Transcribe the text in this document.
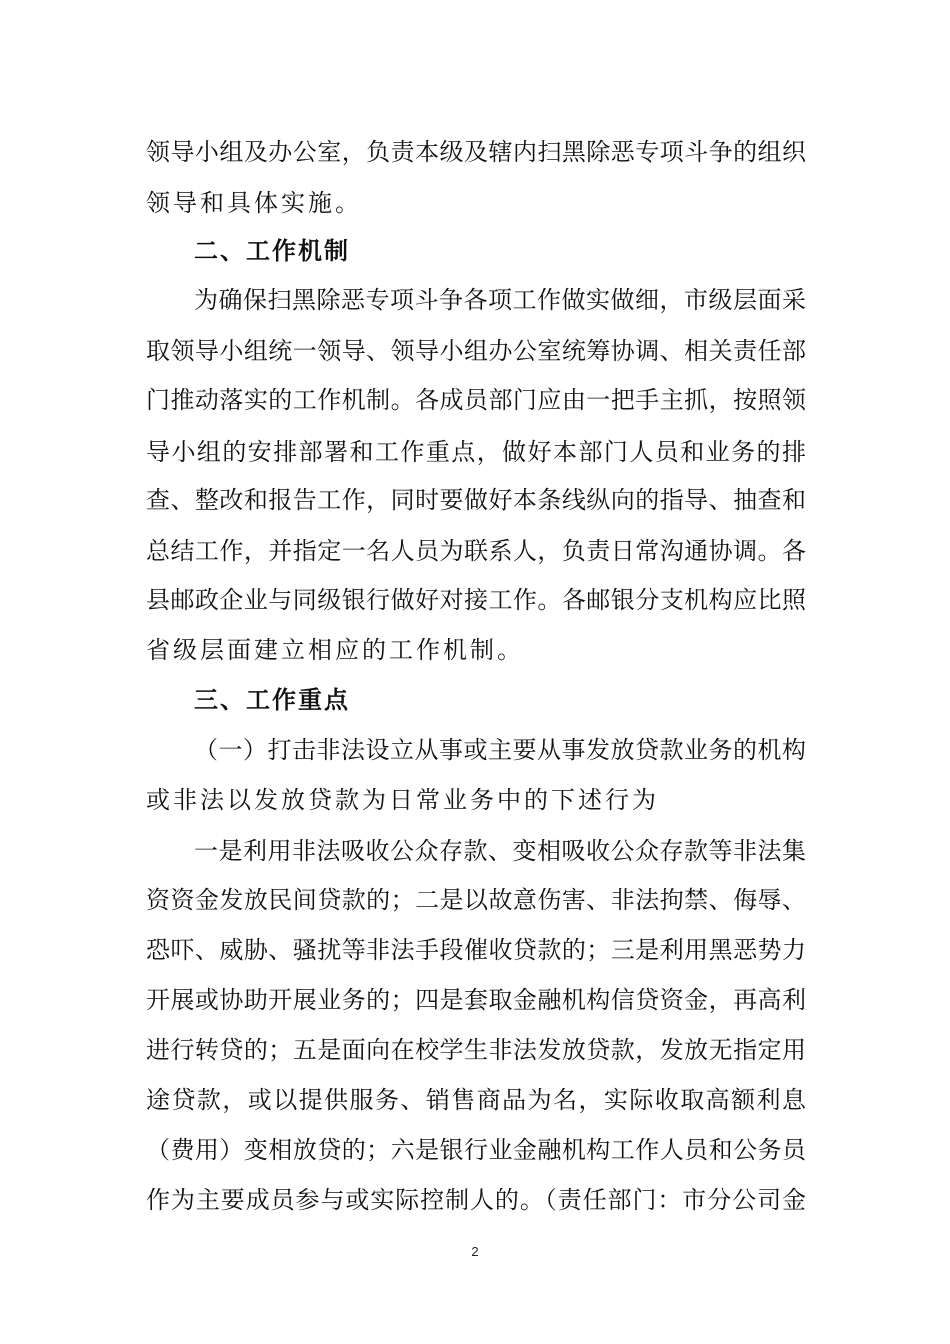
领导小组及办公室，负责本级及辖内扫黑除恶专项斗争的组织
领导和具体实施。
二、工作机制
为确保扫黑除恶专项斗争各项工作做实做细，市级层面采
取领导小组统一领导、领导小组办公室统筹协调、相关责任部
门推动落实的工作机制。各成员部门应由一把手主抓，按照领
导小组的安排部署和工作重点，做好本部门人员和业务的排
查、整改和报告工作，同时要做好本条线纵向的指导、抽查和
总结工作，并指定一名人员为联系人，负责日常沟通协调。各
县邮政企业与同级银行做好对接工作。各邮银分支机构应比照
省级层面建立相应的工作机制。
三、工作重点
（一）打击非法设立从事或主要从事发放贷款业务的机构
或非法以发放贷款为日常业务中的下述行为
一是利用非法吸收公众存款、变相吸收公众存款等非法集
资资金发放民间贷款的；二是以故意伤害、非法拘禁、侮辱、
恐吓、威胁、骚扰等非法手段催收贷款的；三是利用黑恶势力
开展或协助开展业务的；四是套取金融机构信贷资金，再高利
进行转贷的；五是面向在校学生非法发放贷款，发放无指定用
途贷款，或以提供服务、销售商品为名，实际收取高额利息
（费用）变相放贷的；六是银行业金融机构工作人员和公务员
作为主要成员参与或实际控制人的。（责任部门：市分公司金
2
